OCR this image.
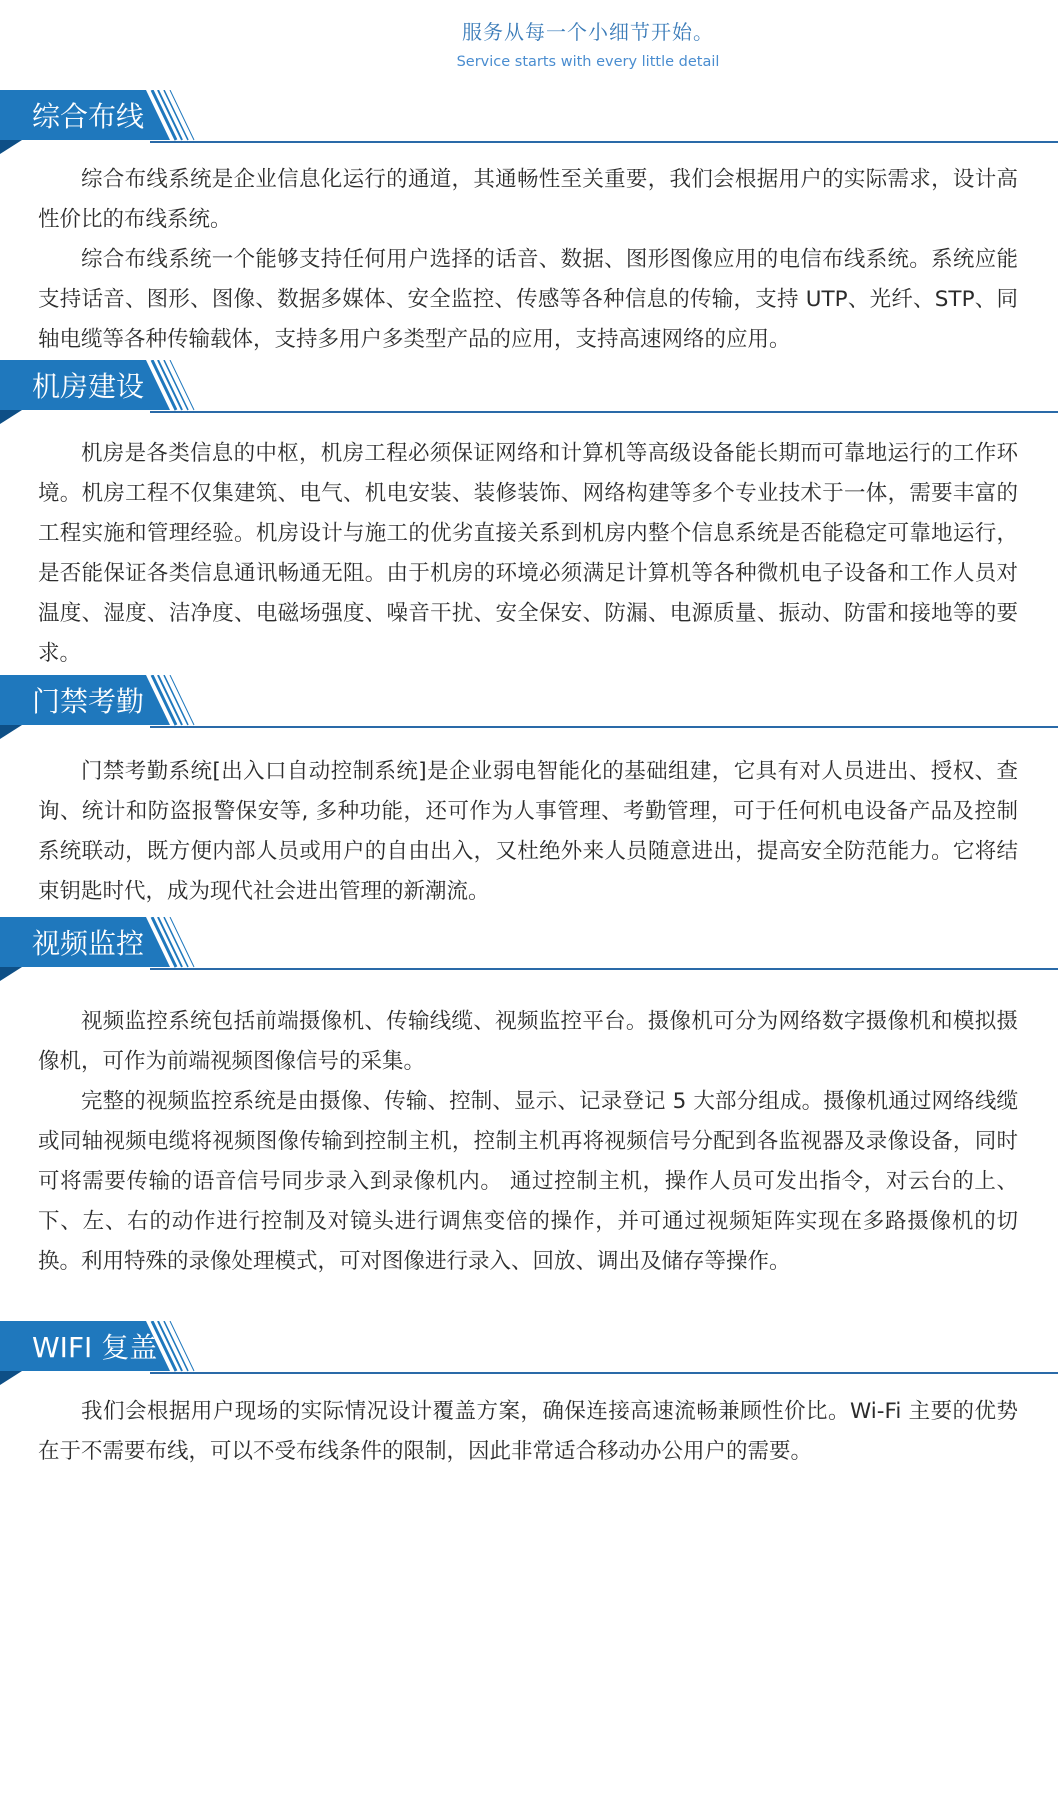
服务从每一个小细节开始。
Service starts with every little detail
综合布线

综合布线系统是企业信息化运行的通道，其通畅性至关重要，我们会根据用户的实际需求，设计高性价比的布线系统。

综合布线系统一个能够支持任何用户选择的话音、数据、图形图像应用的电信布线系统。系统应能支持话音、图形、图像、数据多媒体、安全监控、传感等各种信息的传输，支持 UTP、光纤、STP、同轴电缆等各种传输载体，支持多用户多类型产品的应用，支持高速网络的应用。

机房建设

机房是各类信息的中枢，机房工程必须保证网络和计算机等高级设备能长期而可靠地运行的工作环境。机房工程不仅集建筑、电气、机电安装、装修装饰、网络构建等多个专业技术于一体，需要丰富的工程实施和管理经验。机房设计与施工的优劣直接关系到机房内整个信息系统是否能稳定可靠地运行，是否能保证各类信息通讯畅通无阻。由于机房的环境必须满足计算机等各种微机电子设备和工作人员对温度、湿度、洁净度、电磁场强度、噪音干扰、安全保安、防漏、电源质量、振动、防雷和接地等的要求。

门禁考勤

门禁考勤系统[出入口自动控制系统]是企业弱电智能化的基础组建，它具有对人员进出、授权、查询、统计和防盗报警保安等, 多种功能，还可作为人事管理、考勤管理，可于任何机电设备产品及控制系统联动，既方便内部人员或用户的自由出入，又杜绝外来人员随意进出，提高安全防范能力。它将结束钥匙时代，成为现代社会进出管理的新潮流。

视频监控

视频监控系统包括前端摄像机、传输线缆、视频监控平台。摄像机可分为网络数字摄像机和模拟摄像机，可作为前端视频图像信号的采集。

完整的视频监控系统是由摄像、传输、控制、显示、记录登记 5 大部分组成。摄像机通过网络线缆或同轴视频电缆将视频图像传输到控制主机，控制主机再将视频信号分配到各监视器及录像设备，同时可将需要传输的语音信号同步录入到录像机内。 通过控制主机，操作人员可发出指令，对云台的上、下、左、右的动作进行控制及对镜头进行调焦变倍的操作，并可通过视频矩阵实现在多路摄像机的切换。利用特殊的录像处理模式，可对图像进行录入、回放、调出及储存等操作。

WIFI 复盖

我们会根据用户现场的实际情况设计覆盖方案，确保连接高速流畅兼顾性价比。Wi-Fi 主要的优势在于不需要布线，可以不受布线条件的限制，因此非常适合移动办公用户的需要。
